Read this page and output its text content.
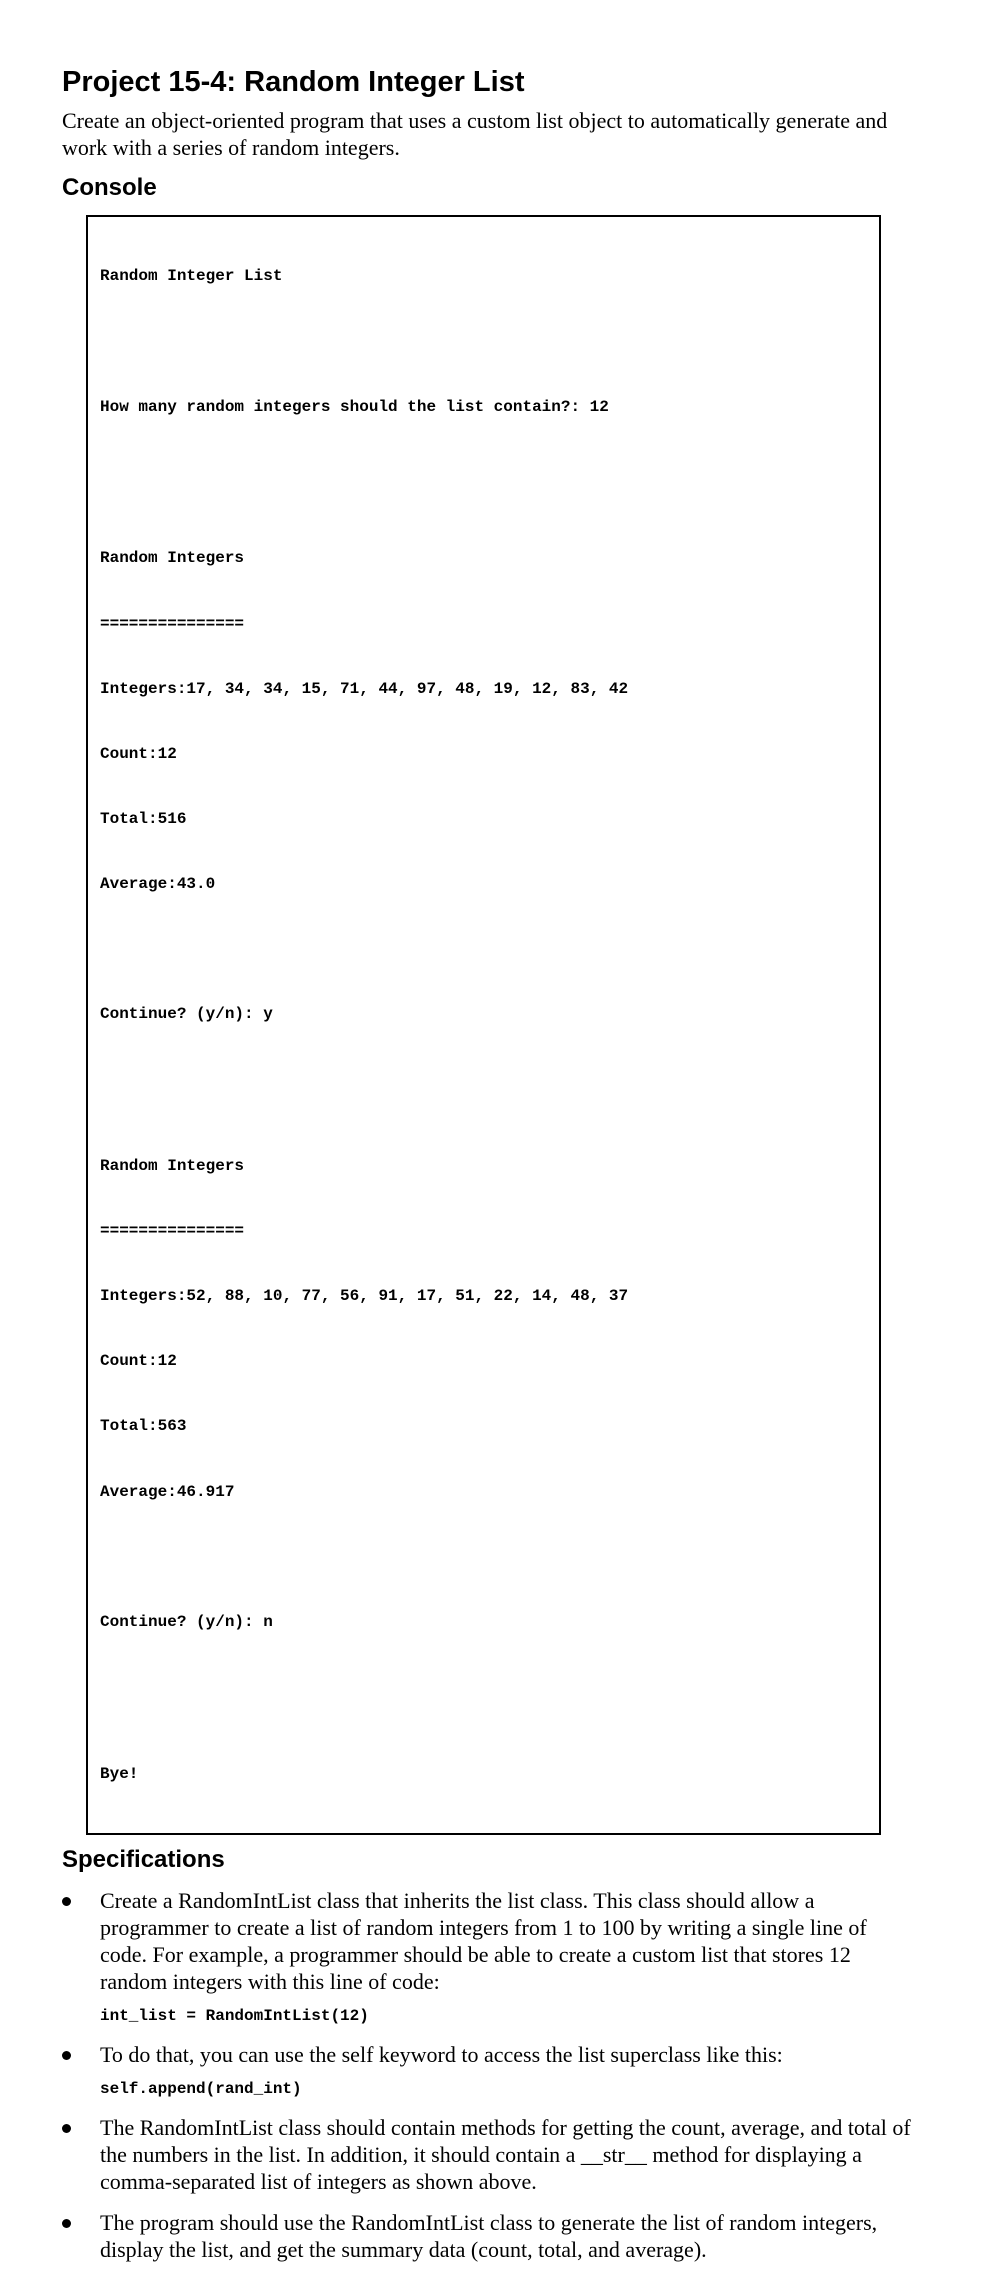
Project 15-4: Random Integer List

Create an object-oriented program that uses a custom list object to automatically generate and work with a series of random integers.

Console

Random Integer List

How many random integers should the list contain?: 12

Random Integers

===============

Integers:17, 34, 34, 15, 71, 44, 97, 48, 19, 12, 83, 42

Count:12

Total:516

Average:43.0

Continue? (y/n): y

Random Integers

===============

Integers:52, 88, 10, 77, 56, 91, 17, 51, 22, 14, 48, 37

Count:12

Total:563

Average:46.917

Continue? (y/n): n

Bye!

Specifications
Create a RandomIntList class that inherits the list class. This class should allow a programmer to create a list of random integers from 1 to 100 by writing a single line of code. For example, a programmer should be able to create a custom list that stores 12 random integers with this line of code:
int_list = RandomIntList(12)
To do that, you can use the self keyword to access the list superclass like this:
self.append(rand_int)
The RandomIntList class should contain methods for getting the count, average, and total of the numbers in the list. In addition, it should contain a __str__ method for displaying a comma-separated list of integers as shown above.
The program should use the RandomIntList class to generate the list of random integers, display the list, and get the summary data (count, total, and average).
